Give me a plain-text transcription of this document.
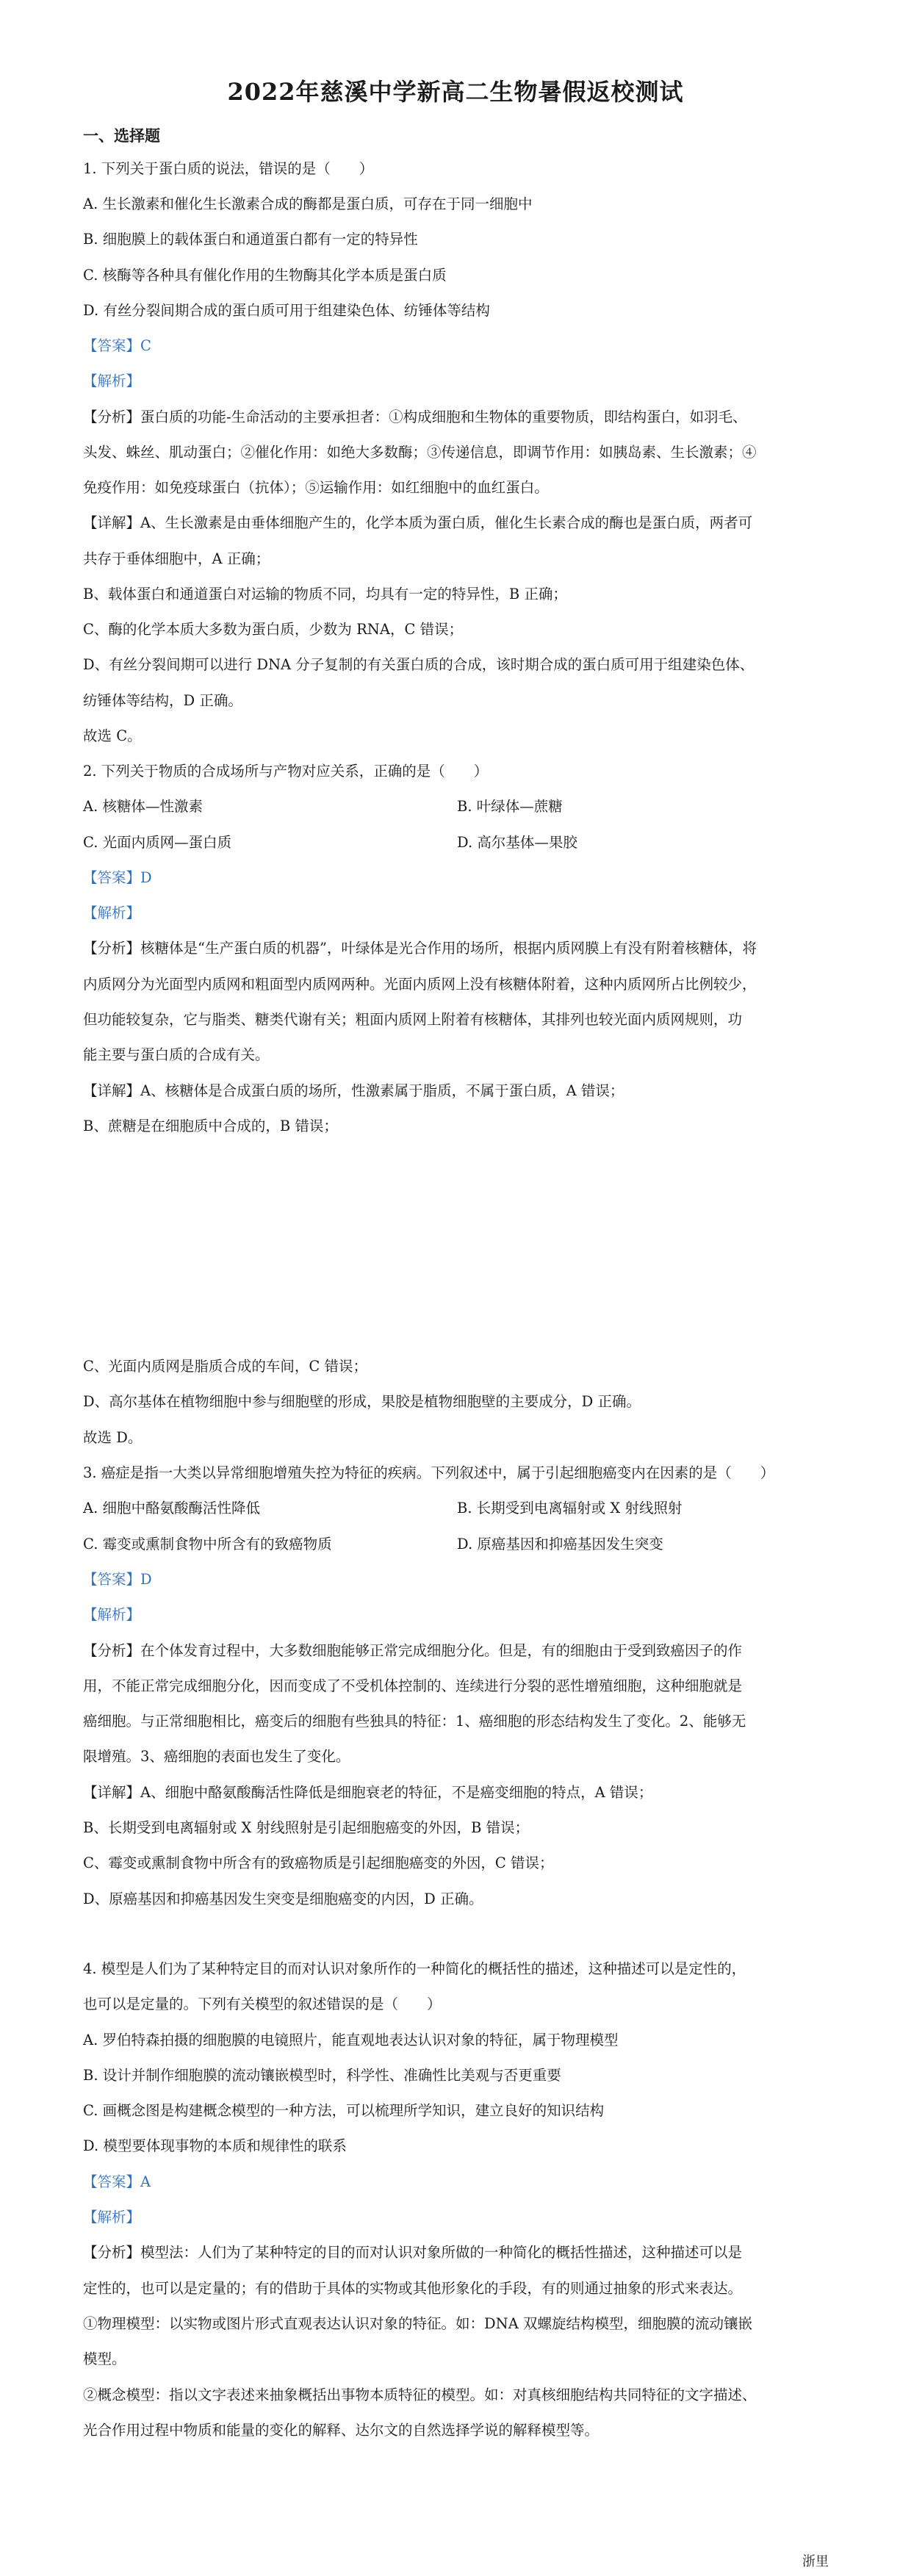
2022年慈溪中学新高二生物暑假返校测试
一、选择题
1. 下列关于蛋白质的说法，错误的是（　　）
A. 生长激素和催化生长激素合成的酶都是蛋白质，可存在于同一细胞中
B. 细胞膜上的载体蛋白和通道蛋白都有一定的特异性
C. 核酶等各种具有催化作用的生物酶其化学本质是蛋白质
D. 有丝分裂间期合成的蛋白质可用于组建染色体、纺锤体等结构
【答案】C
【解析】
【分析】蛋白质的功能-生命活动的主要承担者：①构成细胞和生物体的重要物质，即结构蛋白，如羽毛、
头发、蛛丝、肌动蛋白；②催化作用：如绝大多数酶；③传递信息，即调节作用：如胰岛素、生长激素；④
免疫作用：如免疫球蛋白（抗体）；⑤运输作用：如红细胞中的血红蛋白。
【详解】A、生长激素是由垂体细胞产生的，化学本质为蛋白质，催化生长素合成的酶也是蛋白质，两者可
共存于垂体细胞中，A 正确；
B、载体蛋白和通道蛋白对运输的物质不同，均具有一定的特异性，B 正确；
C、酶的化学本质大多数为蛋白质，少数为 RNA，C 错误；
D、有丝分裂间期可以进行 DNA 分子复制的有关蛋白质的合成，该时期合成的蛋白质可用于组建染色体、
纺锤体等结构，D 正确。
故选 C。
2. 下列关于物质的合成场所与产物对应关系，正确的是（　　）
A. 核糖体—性激素	B. 叶绿体—蔗糖
C. 光面内质网—蛋白质	D. 高尔基体—果胶
【答案】D
【解析】
【分析】核糖体是“生产蛋白质的机器”，叶绿体是光合作用的场所，根据内质网膜上有没有附着核糖体，将
内质网分为光面型内质网和粗面型内质网两种。光面内质网上没有核糖体附着，这种内质网所占比例较少，
但功能较复杂，它与脂类、糖类代谢有关；粗面内质网上附着有核糖体，其排列也较光面内质网规则，功
能主要与蛋白质的合成有关。
【详解】A、核糖体是合成蛋白质的场所，性激素属于脂质，不属于蛋白质，A 错误；
B、蔗糖是在细胞质中合成的，B 错误；
C、光面内质网是脂质合成的车间，C 错误；
D、高尔基体在植物细胞中参与细胞壁的形成，果胶是植物细胞壁的主要成分，D 正确。
故选 D。
3. 癌症是指一大类以异常细胞增殖失控为特征的疾病。下列叙述中，属于引起细胞癌变内在因素的是（　　）
A. 细胞中酪氨酸酶活性降低	B. 长期受到电离辐射或 X 射线照射
C. 霉变或熏制食物中所含有的致癌物质	D. 原癌基因和抑癌基因发生突变
【答案】D
【解析】
【分析】在个体发育过程中，大多数细胞能够正常完成细胞分化。但是，有的细胞由于受到致癌因子的作
用，不能正常完成细胞分化，因而变成了不受机体控制的、连续进行分裂的恶性增殖细胞，这种细胞就是
癌细胞。与正常细胞相比，癌变后的细胞有些独具的特征：1、癌细胞的形态结构发生了变化。2、能够无
限增殖。3、癌细胞的表面也发生了变化。
【详解】A、细胞中酪氨酸酶活性降低是细胞衰老的特征，不是癌变细胞的特点，A 错误；
B、长期受到电离辐射或 X 射线照射是引起细胞癌变的外因，B 错误；
C、霉变或熏制食物中所含有的致癌物质是引起细胞癌变的外因，C 错误；
D、原癌基因和抑癌基因发生突变是细胞癌变的内因，D 正确。
4. 模型是人们为了某种特定目的而对认识对象所作的一种简化的概括性的描述，这种描述可以是定性的，
也可以是定量的。下列有关模型的叙述错误的是（　　）
A. 罗伯特森拍摄的细胞膜的电镜照片，能直观地表达认识对象的特征，属于物理模型
B. 设计并制作细胞膜的流动镶嵌模型时，科学性、准确性比美观与否更重要
C. 画概念图是构建概念模型的一种方法，可以梳理所学知识，建立良好的知识结构
D. 模型要体现事物的本质和规律性的联系
【答案】A
【解析】
【分析】模型法：人们为了某种特定的目的而对认识对象所做的一种简化的概括性描述，这种描述可以是
定性的，也可以是定量的；有的借助于具体的实物或其他形象化的手段，有的则通过抽象的形式来表达。
①物理模型：以实物或图片形式直观表达认识对象的特征。如：DNA 双螺旋结构模型，细胞膜的流动镶嵌
模型。
②概念模型：指以文字表述来抽象概括出事物本质特征的模型。如：对真核细胞结构共同特征的文字描述、
光合作用过程中物质和能量的变化的解释、达尔文的自然选择学说的解释模型等。
浙里
